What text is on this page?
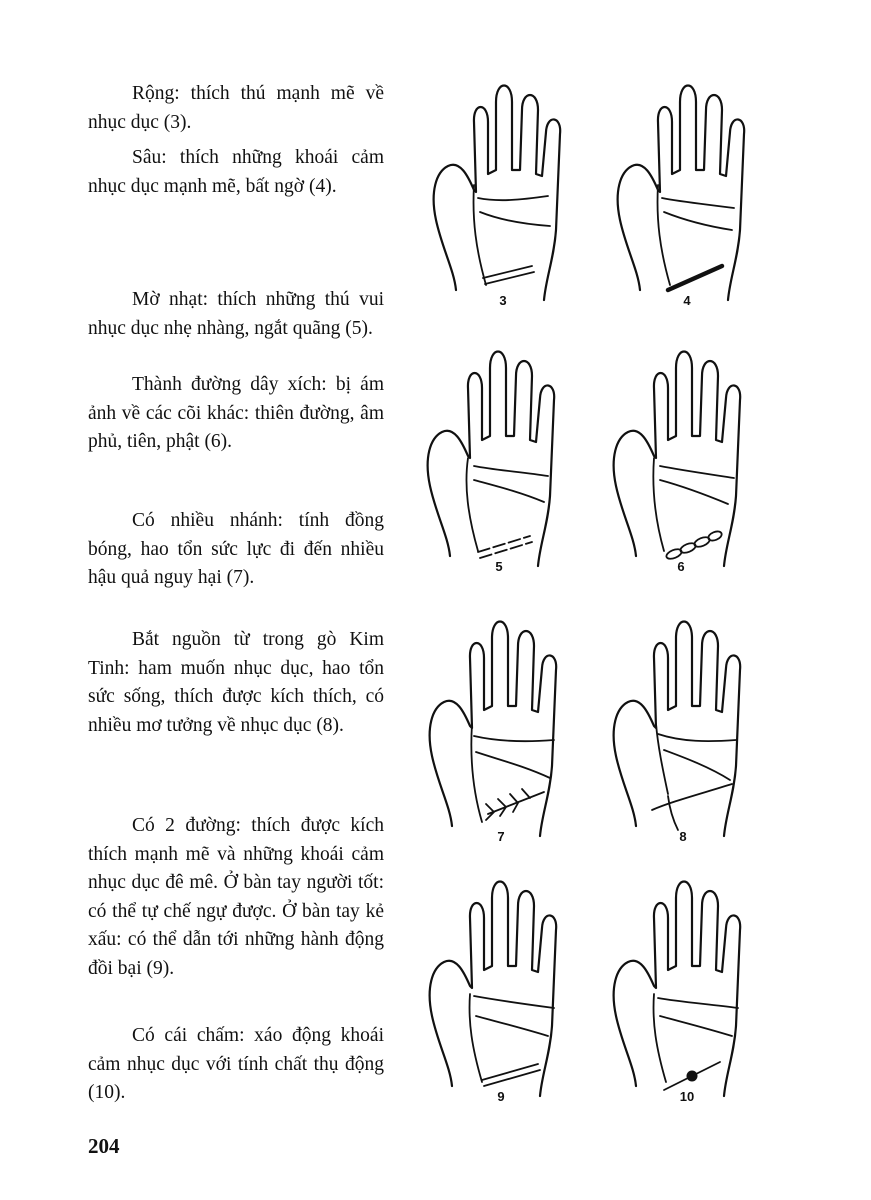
Rộng: thích thú mạnh mẽ về nhục dục (3).

Sâu: thích những khoái cảm nhục dục mạnh mẽ, bất ngờ (4).

Mờ nhạt: thích những thú vui nhục dục nhẹ nhàng, ngắt quãng (5).

Thành đường dây xích: bị ám ảnh về các cõi khác: thiên đường, âm phủ, tiên, phật (6).

Có nhiều nhánh: tính đồng bóng, hao tổn sức lực đi đến nhiều hậu quả nguy hại (7).

Bắt nguồn từ trong gò Kim Tinh: ham muốn nhục dục, hao tổn sức sống, thích được kích thích, có nhiều mơ tưởng về nhục dục (8).

Có 2 đường: thích được kích thích mạnh mẽ và những khoái cảm nhục dục đê mê. Ở bàn tay người tốt: có thể tự chế ngự được. Ở bàn tay kẻ xấu: có thể dẫn tới những hành động đồi bại (9).

Có cái chấm: xáo động khoái cảm nhục dục với tính chất thụ động (10).

204
3	4
5	6
7	8
9	10
